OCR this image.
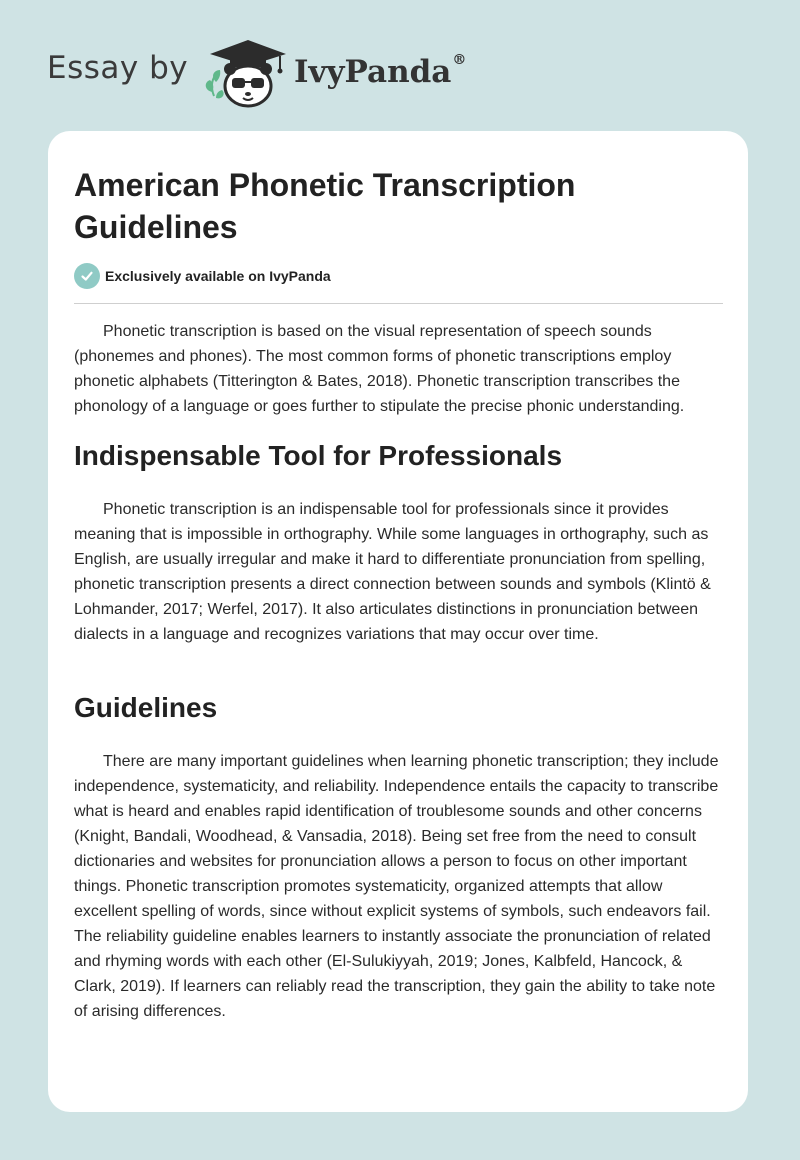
Essay by	IvyPanda®
American Phonetic Transcription Guidelines
Exclusively available on IvyPanda

Phonetic transcription is based on the visual representation of speech sounds (phonemes and phones). The most common forms of phonetic transcriptions employ phonetic alphabets (Titterington & Bates, 2018). Phonetic transcription transcribes the phonology of a language or goes further to stipulate the precise phonic understanding.

Indispensable Tool for Professionals

Phonetic transcription is an indispensable tool for professionals since it provides meaning that is impossible in orthography. While some languages in orthography, such as English, are usually irregular and make it hard to differentiate pronunciation from spelling, phonetic transcription presents a direct connection between sounds and symbols (Klintö & Lohmander, 2017; Werfel, 2017). It also articulates distinctions in pronunciation between dialects in a language and recognizes variations that may occur over time.

Guidelines

There are many important guidelines when learning phonetic transcription; they include independence, systematicity, and reliability. Independence entails the capacity to transcribe what is heard and enables rapid identification of troublesome sounds and other concerns (Knight, Bandali, Woodhead, & Vansadia, 2018). Being set free from the need to consult dictionaries and websites for pronunciation allows a person to focus on other important things. Phonetic transcription promotes systematicity, organized attempts that allow excellent spelling of words, since without explicit systems of symbols, such endeavors fail. The reliability guideline enables learners to instantly associate the pronunciation of related and rhyming words with each other (El-Sulukiyyah, 2019; Jones, Kalbfeld, Hancock, & Clark, 2019). If learners can reliably read the transcription, they gain the ability to take note of arising differences.
